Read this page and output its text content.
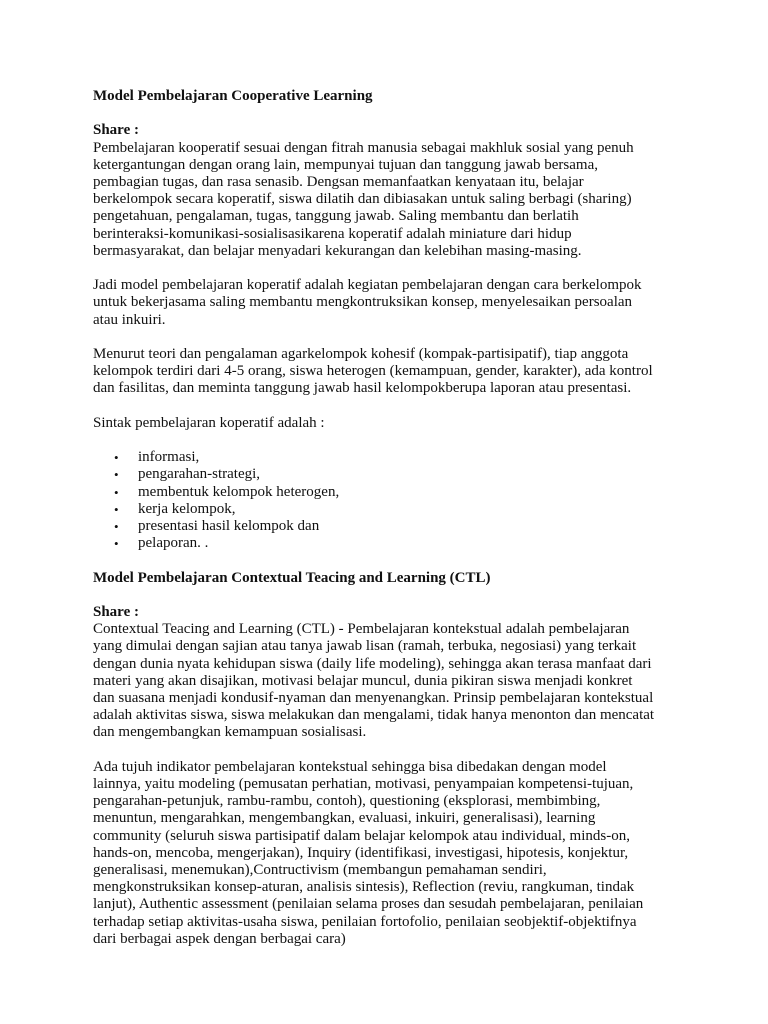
Model Pembelajaran Cooperative Learning
Share :

Pembelajaran kooperatif sesuai dengan fitrah manusia sebagai makhluk sosial yang penuh
ketergantungan dengan orang lain, mempunyai tujuan dan tanggung jawab bersama,
pembagian tugas, dan rasa senasib. Dengsan memanfaatkan kenyataan itu, belajar
berkelompok secara koperatif, siswa dilatih dan dibiasakan untuk saling berbagi (sharing)
pengetahuan, pengalaman, tugas, tanggung jawab. Saling membantu dan berlatih
berinteraksi-komunikasi-sosialisasikarena koperatif adalah miniature dari hidup
bermasyarakat, dan belajar menyadari kekurangan dan kelebihan masing-masing.

Jadi model pembelajaran koperatif adalah kegiatan pembelajaran dengan cara berkelompok
untuk bekerjasama saling membantu mengkontruksikan konsep, menyelesaikan persoalan
atau inkuiri.

Menurut teori dan pengalaman agarkelompok kohesif (kompak-partisipatif), tiap anggota
kelompok terdiri dari 4-5 orang, siswa heterogen (kemampuan, gender, karakter), ada kontrol
dan fasilitas, dan meminta tanggung jawab hasil kelompokberupa laporan atau presentasi.

Sintak pembelajaran koperatif adalah :

• informasi,
• pengarahan-strategi,
• membentuk kelompok heterogen,
• kerja kelompok,
• presentasi hasil kelompok dan
• pelaporan. .
Model Pembelajaran Contextual Teacing and Learning (CTL)
Share :

Contextual Teacing and Learning (CTL) - Pembelajaran kontekstual adalah pembelajaran
yang dimulai dengan sajian atau tanya jawab lisan (ramah, terbuka, negosiasi) yang terkait
dengan dunia nyata kehidupan siswa (daily life modeling), sehingga akan terasa manfaat dari
materi yang akan disajikan, motivasi belajar muncul, dunia pikiran siswa menjadi konkret
dan suasana menjadi kondusif-nyaman dan menyenangkan. Prinsip pembelajaran kontekstual
adalah aktivitas siswa, siswa melakukan dan mengalami, tidak hanya menonton dan mencatat
dan mengembangkan kemampuan sosialisasi.

Ada tujuh indikator pembelajaran kontekstual sehingga bisa dibedakan dengan model
lainnya, yaitu modeling (pemusatan perhatian, motivasi, penyampaian kompetensi-tujuan,
pengarahan-petunjuk, rambu-rambu, contoh), questioning (eksplorasi, membimbing,
menuntun, mengarahkan, mengembangkan, evaluasi, inkuiri, generalisasi), learning
community (seluruh siswa partisipatif dalam belajar kelompok atau individual, minds-on,
hands-on, mencoba, mengerjakan), Inquiry (identifikasi, investigasi, hipotesis, konjektur,
generalisasi, menemukan),Contructivism (membangun pemahaman sendiri,
mengkonstruksikan konsep-aturan, analisis sintesis), Reflection (reviu, rangkuman, tindak
lanjut), Authentic assessment (penilaian selama proses dan sesudah pembelajaran, penilaian
terhadap setiap aktivitas-usaha siswa, penilaian fortofolio, penilaian seobjektif-objektifnya
dari berbagai aspek dengan berbagai cara)
